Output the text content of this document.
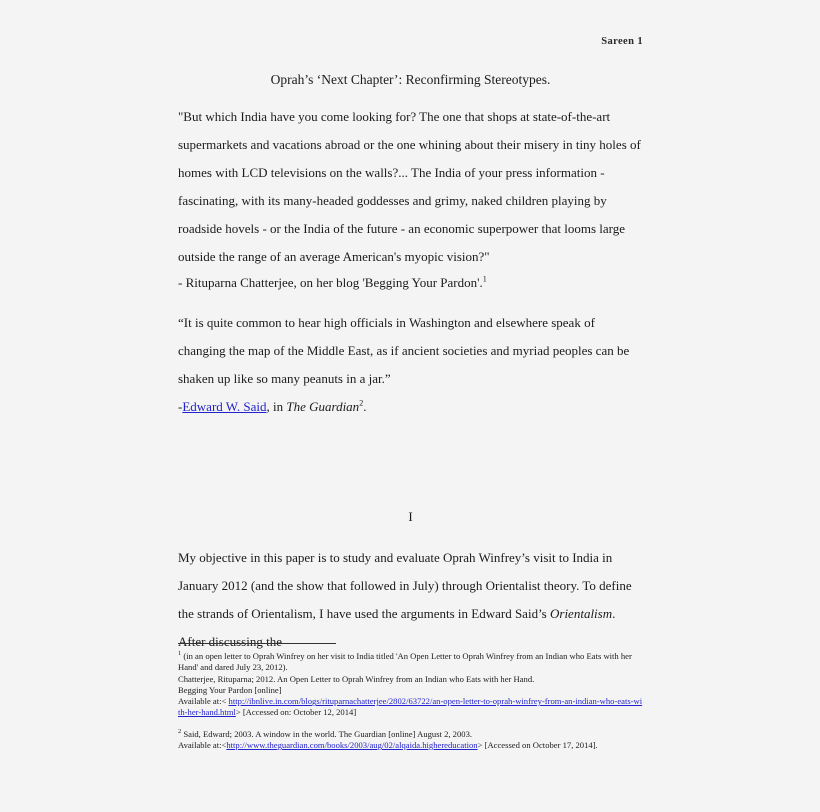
Sareen 1
Oprah’s ‘Next Chapter’: Reconfirming Stereotypes.
"But which India have you come looking for? The one that shops at state-of-the-art supermarkets and vacations abroad or the one whining about their misery in tiny holes of homes with LCD televisions on the walls?... The India of your press information - fascinating, with its many-headed goddesses and grimy, naked children playing by roadside hovels - or the India of the future - an economic superpower that looms large outside the range of an average American's myopic vision?"
- Rituparna Chatterjee, on her blog 'Begging Your Pardon'.$^1$
“It is quite common to hear high officials in Washington and elsewhere speak of changing the map of the Middle East, as if ancient societies and myriad peoples can be shaken up like so many peanuts in a jar.”
-Edward W. Said, in The Guardian$^2$.
I
My objective in this paper is to study and evaluate Oprah Winfrey’s visit to India in January 2012 (and the show that followed in July) through Orientalist theory. To define the strands of Orientalism, I have used the arguments in Edward Said’s Orientalism. After discussing the
$^1$ (in an open letter to Oprah Winfrey on her visit to India titled 'An Open Letter to Oprah Winfrey from an Indian who Eats with her Hand' and dared July 23, 2012).
Chatterjee, Rituparna; 2012. An Open Letter to Oprah Winfrey from an Indian who Eats with her Hand.
Begging Your Pardon [online]
Available at:< http://ibnlive.in.com/blogs/rituparnachatterjee/2802/63722/an-open-letter-to-oprah-winfrey-from-an-indian-who-eats-with-her-hand.html> [Accessed on: October 12, 2014]
$^2$ Said, Edward; 2003. A window in the world. The Guardian [online] August 2, 2003.
Available at:<http://www.theguardian.com/books/2003/aug/02/alqaida.highereducation> [Accessed on October 17, 2014].
